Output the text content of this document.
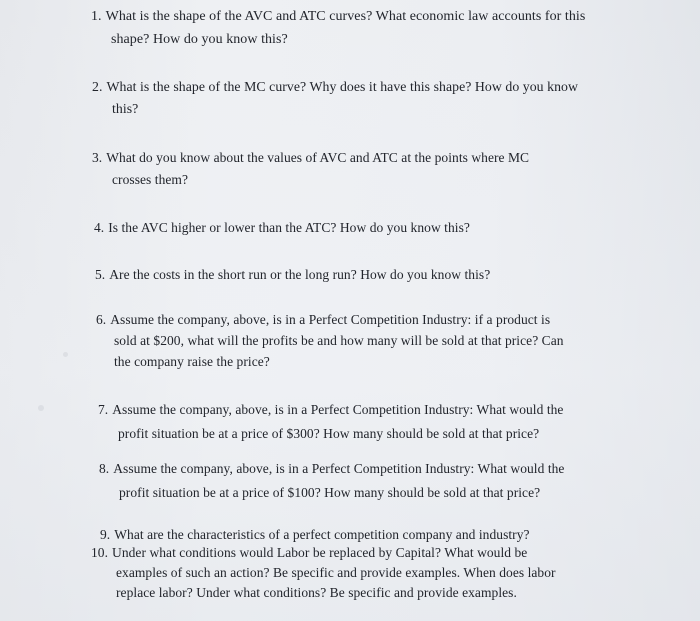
1. What is the shape of the AVC and ATC curves? What economic law accounts for this
shape? How do you know this?
2. What is the shape of the MC curve? Why does it have this shape? How do you know
this?
3. What do you know about the values of AVC and ATC at the points where MC
crosses them?
4. Is the AVC higher or lower than the ATC? How do you know this?
5. Are the costs in the short run or the long run? How do you know this?
6. Assume the company, above, is in a Perfect Competition Industry: if a product is
sold at $200, what will the profits be and how many will be sold at that price? Can
the company raise the price?
7. Assume the company, above, is in a Perfect Competition Industry: What would the
profit situation be at a price of $300? How many should be sold at that price?
8. Assume the company, above, is in a Perfect Competition Industry: What would the
profit situation be at a price of $100? How many should be sold at that price?
9. What are the characteristics of a perfect competition company and industry?
10. Under what conditions would Labor be replaced by Capital? What would be
examples of such an action? Be specific and provide examples. When does labor
replace labor? Under what conditions? Be specific and provide examples.
